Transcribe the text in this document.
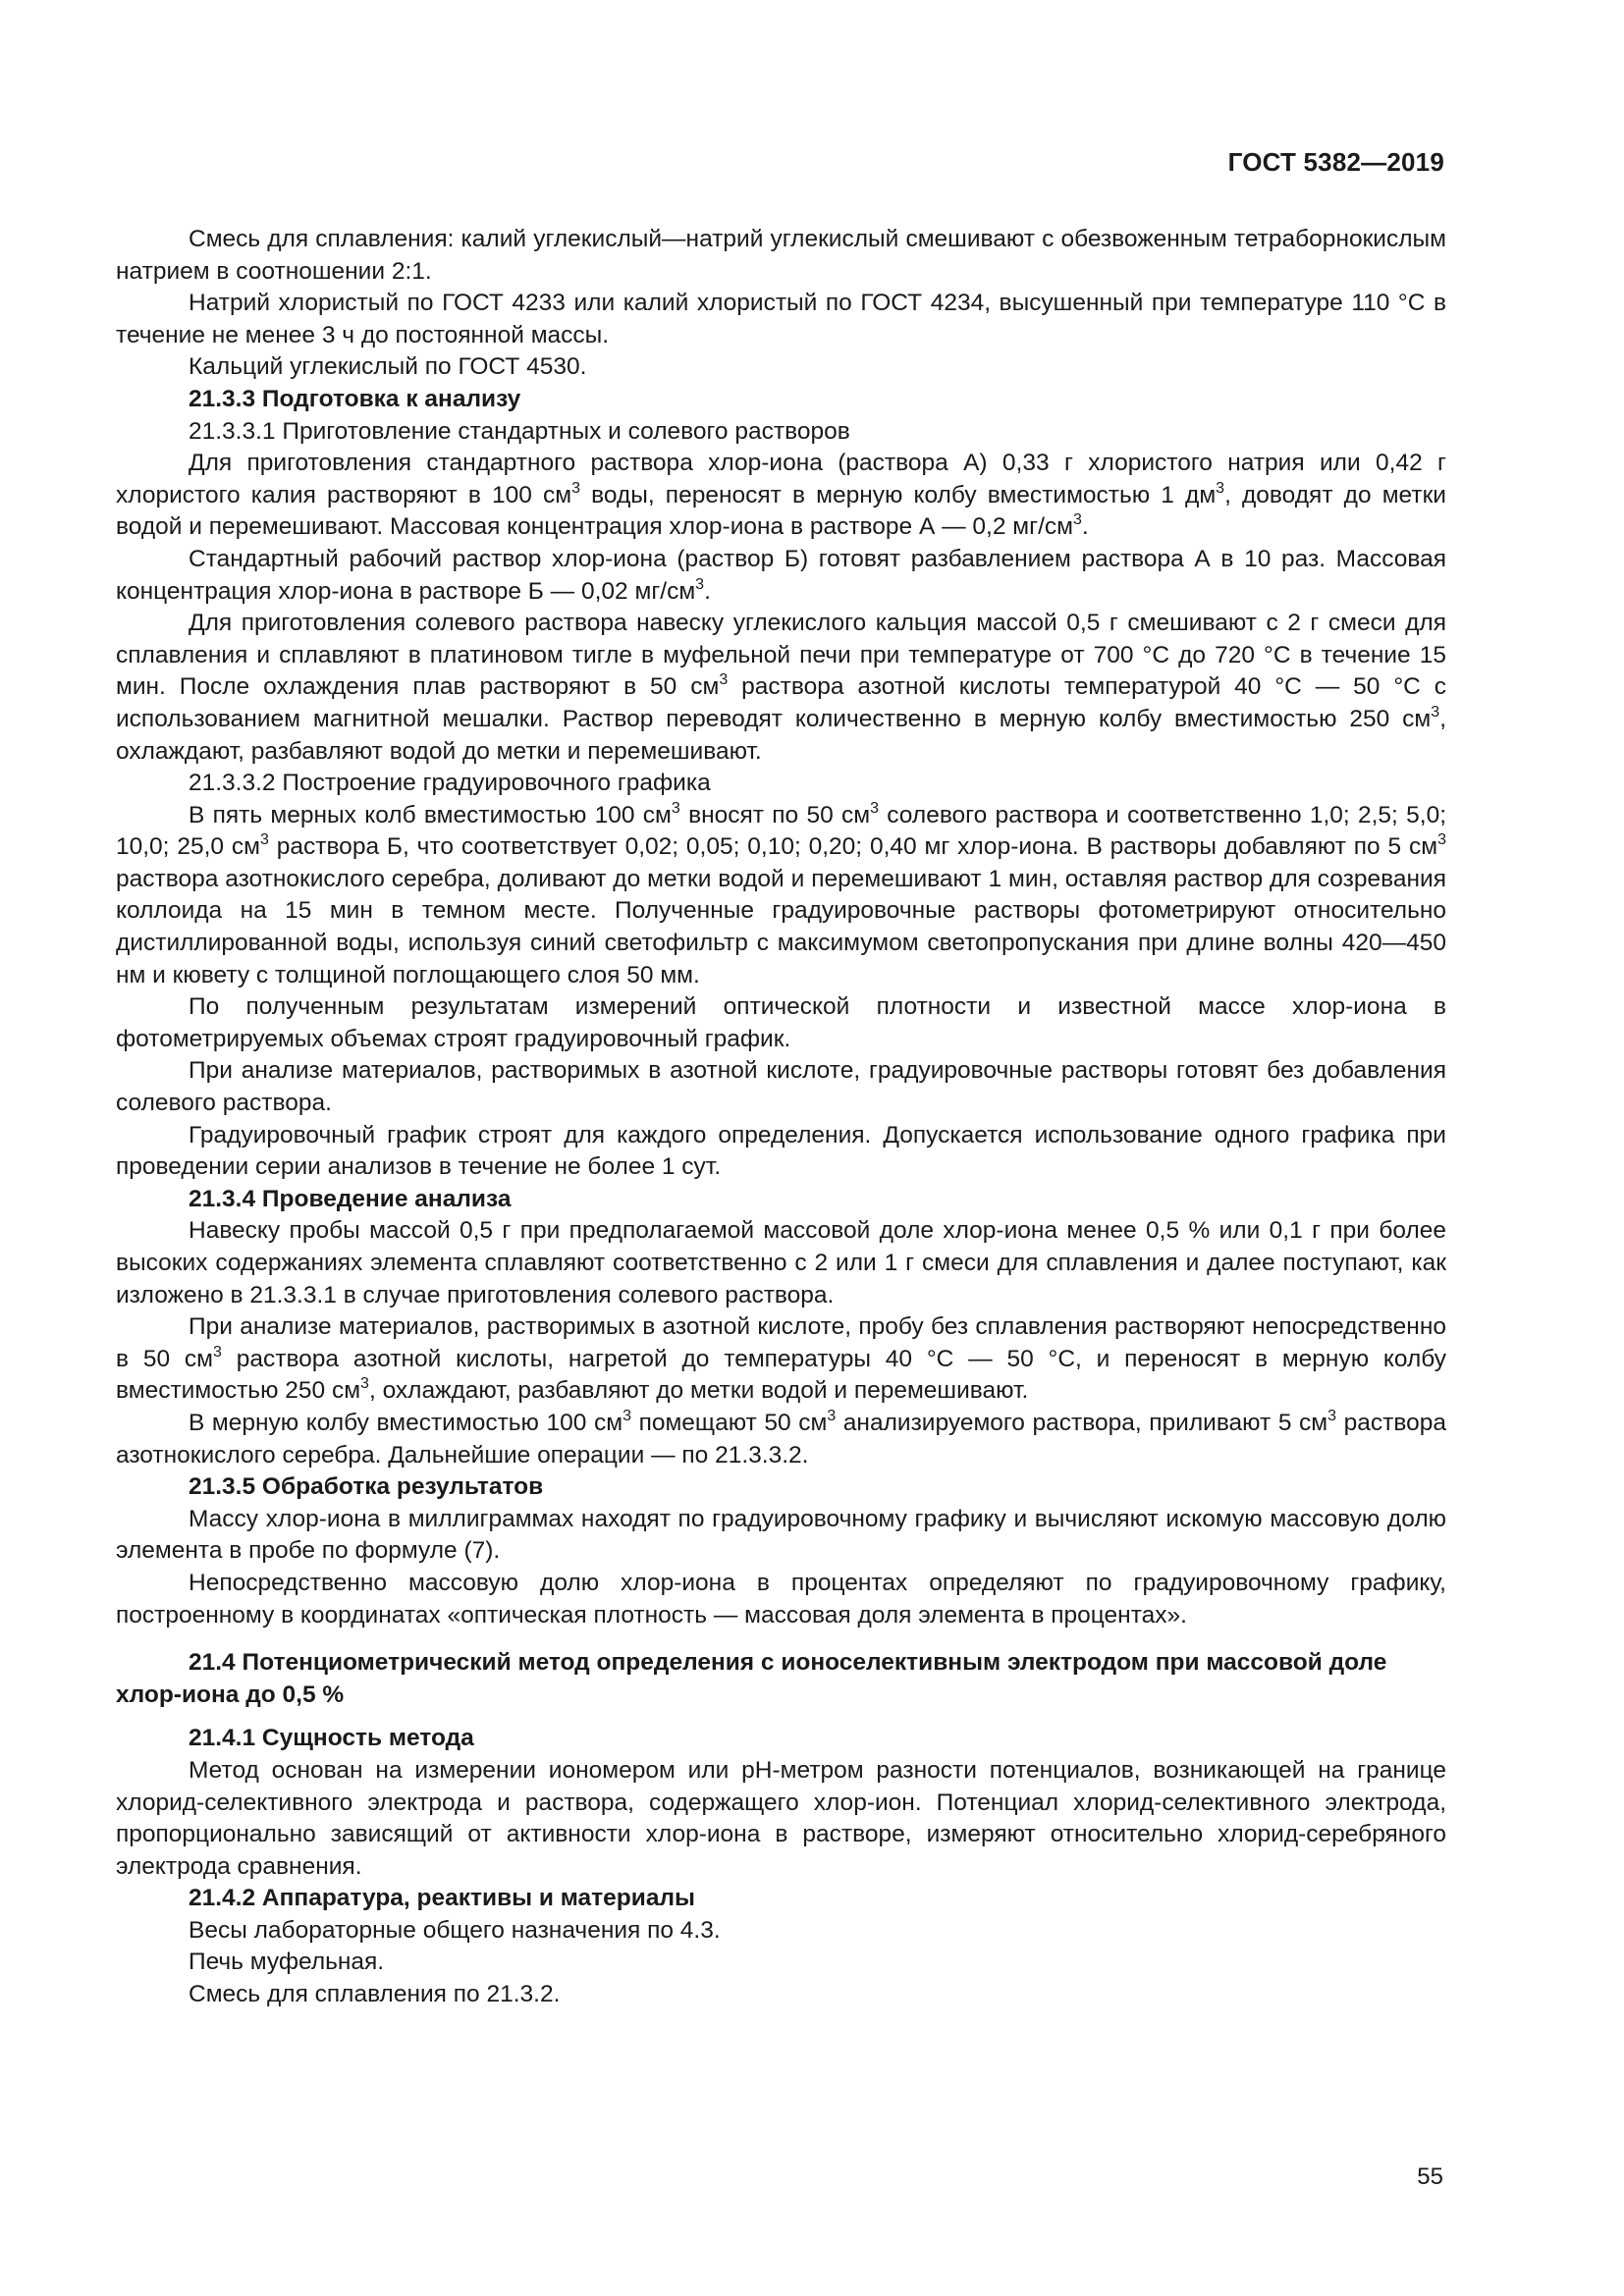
ГОСТ 5382—2019

Смесь для сплавления: калий углекислый—натрий углекислый смешивают с обезвоженным тетраборнокислым натрием в соотношении 2:1.

Натрий хлористый по ГОСТ 4233 или калий хлористый по ГОСТ 4234, высушенный при температуре 110 °С в течение не менее 3 ч до постоянной массы.

Кальций углекислый по ГОСТ 4530.

21.3.3 Подготовка к анализу

21.3.3.1 Приготовление стандартных и солевого растворов

Для приготовления стандартного раствора хлор-иона (раствора А) 0,33 г хлористого натрия или 0,42 г хлористого калия растворяют в 100 $см^3$ воды, переносят в мерную колбу вместимостью 1 $дм^3$, доводят до метки водой и перемешивают. Массовая концентрация хлор-иона в растворе А — 0,2 $мг/см^3$.

Стандартный рабочий раствор хлор-иона (раствор Б) готовят разбавлением раствора А в 10 раз. Массовая концентрация хлор-иона в растворе Б — 0,02 $мг/см^3$.

Для приготовления солевого раствора навеску углекислого кальция массой 0,5 г смешивают с 2 г смеси для сплавления и сплавляют в платиновом тигле в муфельной печи при температуре от 700 °С до 720 °С в течение 15 мин. После охлаждения плав растворяют в 50 $см^3$ раствора азотной кислоты температурой 40 °С — 50 °С с использованием магнитной мешалки. Раствор переводят количественно в мерную колбу вместимостью 250 $см^3$, охлаждают, разбавляют водой до метки и перемешивают.

21.3.3.2 Построение градуировочного графика

В пять мерных колб вместимостью 100 $см^3$ вносят по 50 $см^3$ солевого раствора и соответственно 1,0; 2,5; 5,0; 10,0; 25,0 $см^3$ раствора Б, что соответствует 0,02; 0,05; 0,10; 0,20; 0,40 мг хлор-иона. В растворы добавляют по 5 $см^3$ раствора азотнокислого серебра, доливают до метки водой и перемешивают 1 мин, оставляя раствор для созревания коллоида на 15 мин в темном месте. Полученные градуировочные растворы фотометрируют относительно дистиллированной воды, используя синий светофильтр с максимумом светопропускания при длине волны 420—450 нм и кювету с толщиной поглощающего слоя 50 мм.

По полученным результатам измерений оптической плотности и известной массе хлор-иона в фотометрируемых объемах строят градуировочный график.

При анализе материалов, растворимых в азотной кислоте, градуировочные растворы готовят без добавления солевого раствора.

Градуировочный график строят для каждого определения. Допускается использование одного графика при проведении серии анализов в течение не более 1 сут.

21.3.4 Проведение анализа

Навеску пробы массой 0,5 г при предполагаемой массовой доле хлор-иона менее 0,5 % или 0,1 г при более высоких содержаниях элемента сплавляют соответственно с 2 или 1 г смеси для сплавления и далее поступают, как изложено в 21.3.3.1 в случае приготовления солевого раствора.

При анализе материалов, растворимых в азотной кислоте, пробу без сплавления растворяют непосредственно в 50 $см^3$ раствора азотной кислоты, нагретой до температуры 40 °С — 50 °С, и переносят в мерную колбу вместимостью 250 $см^3$, охлаждают, разбавляют до метки водой и перемешивают.

В мерную колбу вместимостью 100 $см^3$ помещают 50 $см^3$ анализируемого раствора, приливают 5 $см^3$ раствора азотнокислого серебра. Дальнейшие операции — по 21.3.3.2.

21.3.5 Обработка результатов

Массу хлор-иона в миллиграммах находят по градуировочному графику и вычисляют искомую массовую долю элемента в пробе по формуле (7).

Непосредственно массовую долю хлор-иона в процентах определяют по градуировочному графику, построенному в координатах «оптическая плотность — массовая доля элемента в процентах».

21.4 Потенциометрический метод определения с ионоселективным электродом при массовой доле хлор-иона до 0,5 %

21.4.1 Сущность метода

Метод основан на измерении иономером или pH-метром разности потенциалов, возникающей на границе хлорид-селективного электрода и раствора, содержащего хлор-ион. Потенциал хлорид-селективного электрода, пропорционально зависящий от активности хлор-иона в растворе, измеряют относительно хлорид-серебряного электрода сравнения.

21.4.2 Аппаратура, реактивы и материалы

Весы лабораторные общего назначения по 4.3.

Печь муфельная.

Смесь для сплавления по 21.3.2.

55
